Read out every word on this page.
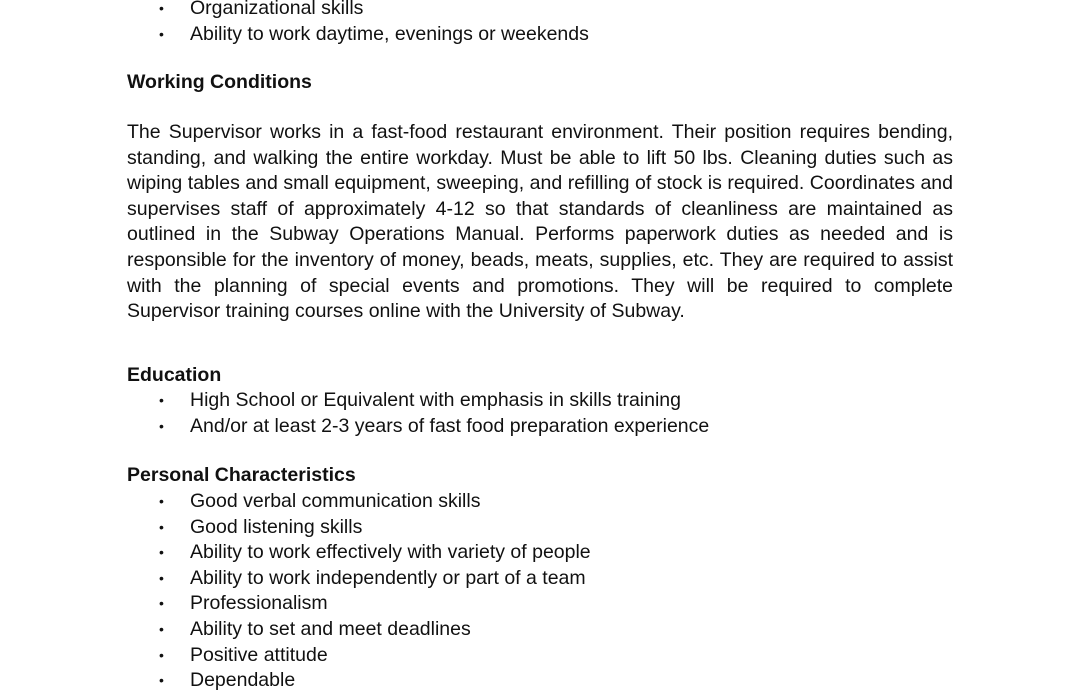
• Organizational skills
• Ability to work daytime, evenings or weekends
Working Conditions
The Supervisor works in a fast-food restaurant environment. Their position requires bending, standing, and walking the entire workday. Must be able to lift 50 lbs. Cleaning duties such as wiping tables and small equipment, sweeping, and refilling of stock is required. Coordinates and supervises staff of approximately 4-12 so that standards of cleanliness are maintained as outlined in the Subway Operations Manual. Performs paperwork duties as needed and is responsible for the inventory of money, beads, meats, supplies, etc. They are required to assist with the planning of special events and promotions. They will be required to complete Supervisor training courses online with the University of Subway.
Education
• High School or Equivalent with emphasis in skills training
• And/or at least 2-3 years of fast food preparation experience
Personal Characteristics
• Good verbal communication skills
• Good listening skills
• Ability to work effectively with variety of people
• Ability to work independently or part of a team
• Professionalism
• Ability to set and meet deadlines
• Positive attitude
• Dependable
